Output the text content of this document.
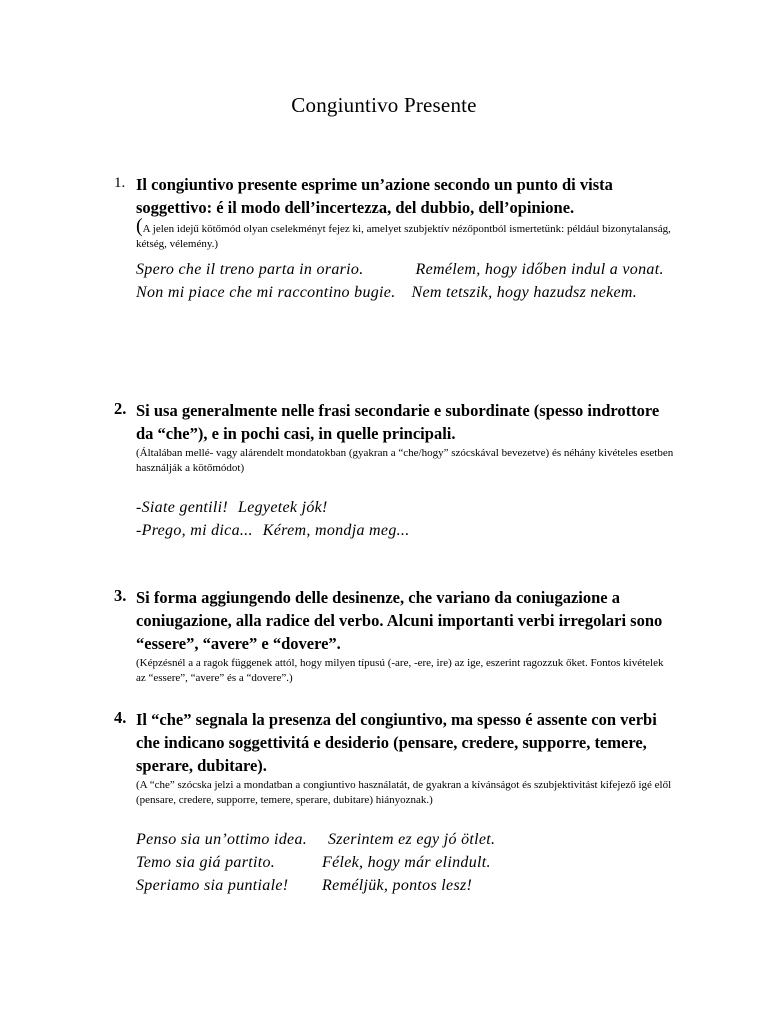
Congiuntivo Presente
1. Il congiuntivo presente esprime un’azione secondo un punto di vista soggettivo: é il modo dell’incertezza, del dubbio, dell’opinione.
(A jelen idejű kötőmód olyan cselekményt fejez ki, amelyet szubjektív nézőpontból ismertetünk: például bizonytalanság, kétség, vélemény.)
Spero che il treno parta in orario.	Remélem, hogy időben indul a vonat.
Non mi piace che mi raccontino bugie. Nem tetszik, hogy hazudsz nekem.
2. Si usa generalmente nelle frasi secondarie e subordinate (spesso indrottore da “che”), e in pochi casi, in quelle principali.
(Általában mellé- vagy alárendelt mondatokban (gyakran a “che/hogy” szócskával bevezetve) és néhány kivételes esetben használják a kötőmódot)
-Siate gentili! Legyetek jók!
-Prego, mi dica... Kérem, mondja meg...
3. Si forma aggiungendo delle desinenze, che variano da coniugazione a coniugazione, alla radice del verbo. Alcuni importanti verbi irregolari sono “essere”, “avere” e “dovere”.
(Képzésnél a a ragok függenek attól, hogy milyen típusú (-are, -ere, ire) az ige, eszerint ragozzuk őket. Fontos kivételek az “essere”, “avere” és a “dovere”.)
4. Il “che” segnala la presenza del congiuntivo, ma spesso é assente con verbi che indicano soggettivitá e desiderio (pensare, credere, supporre, temere, sperare, dubitare).
(A “che” szócska jelzi a mondatban a congiuntivo használatát, de gyakran a kívánságot és szubjektivitást kifejező igé elől (pensare, credere, supporre, temere, sperare, dubitare) hiányoznak.)
Penso sia un’ottimo idea. Szerintem ez egy jó ötlet.
Temo sia giá partito.	Félek, hogy már elindult.
Speriamo sia puntiale! Reméljük, pontos lesz!
